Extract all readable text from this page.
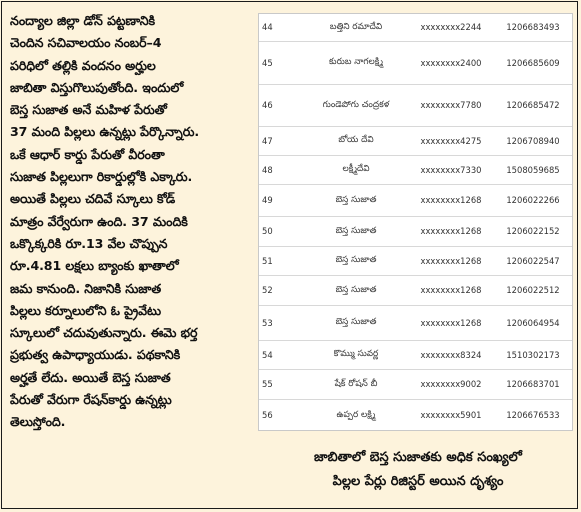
నంద్యాల జిల్లా డోన్ పట్టణానికి
చెందిన సచివాలయం నంబర్–4
పరిధిలో తల్లికి వందనం అర్హుల
జాబితా విస్తుగొలుపుతోంది. ఇందులో
బెస్త సుజాత అనే మహిళ పేరుతో
37 మంది పిల్లలు ఉన్నట్లు పేర్కొన్నారు.
ఒకే ఆధార్ కార్డు పేరుతో వీరంతా
సుజాత పిల్లలుగా రికార్డుల్లోకి ఎక్కారు.
అయితే పిల్లలు చదివే స్కూలు కోడ్
మాత్రం వేర్వేరుగా ఉంది. 37 మందికి
ఒక్కొక్కరికి రూ.13 వేల చొప్పున
రూ.4.81 లక్షలు బ్యాంకు ఖాతాలో
జమ కానుంది. నిజానికి సుజాత
పిల్లలు కర్నూలులోని ఓ ప్రైవేటు
స్కూలులో చదువుతున్నారు. ఈమె భర్త
ప్రభుత్వ ఉపాధ్యాయుడు. పథకానికి
అర్హతే లేదు. అయితే బెస్త సుజాత
పేరుతో వేరుగా రేషన్‌కార్డు ఉన్నట్లు
తెలుస్తోంది.
44	బత్తిని రమాదేవి	xxxxxxxx2244	1206683493
45	కురుబ నాగలక్ష్మి	xxxxxxxx2400	1206685609
46	గుండెపోగు చంద్రకళ	xxxxxxxx7780	1206685472
47	బోయ దేవి	xxxxxxxx4275	1206708940
48	లక్ష్మీదేవి	xxxxxxxx7330	1508059685
49	బెస్త సుజాత	xxxxxxxx1268	1206022266
50	బెస్త సుజాత	xxxxxxxx1268	1206022152
51	బెస్త సుజాత	xxxxxxxx1268	1206022547
52	బెస్త సుజాత	xxxxxxxx1268	1206022512
53	బెస్త సుజాత	xxxxxxxx1268	1206064954
54	కొమ్ము సువర్ణ	xxxxxxxx8324	1510302173
55	షేక్ రోషన్ బీ	xxxxxxxx9002	1206683701
56	ఉప్పర లక్ష్మి	xxxxxxxx5901	1206676533
జాబితాలో బెస్త సుజాతకు అధిక సంఖ్యలో
పిల్లల పేర్లు రిజిస్టర్ అయిన దృశ్యం
